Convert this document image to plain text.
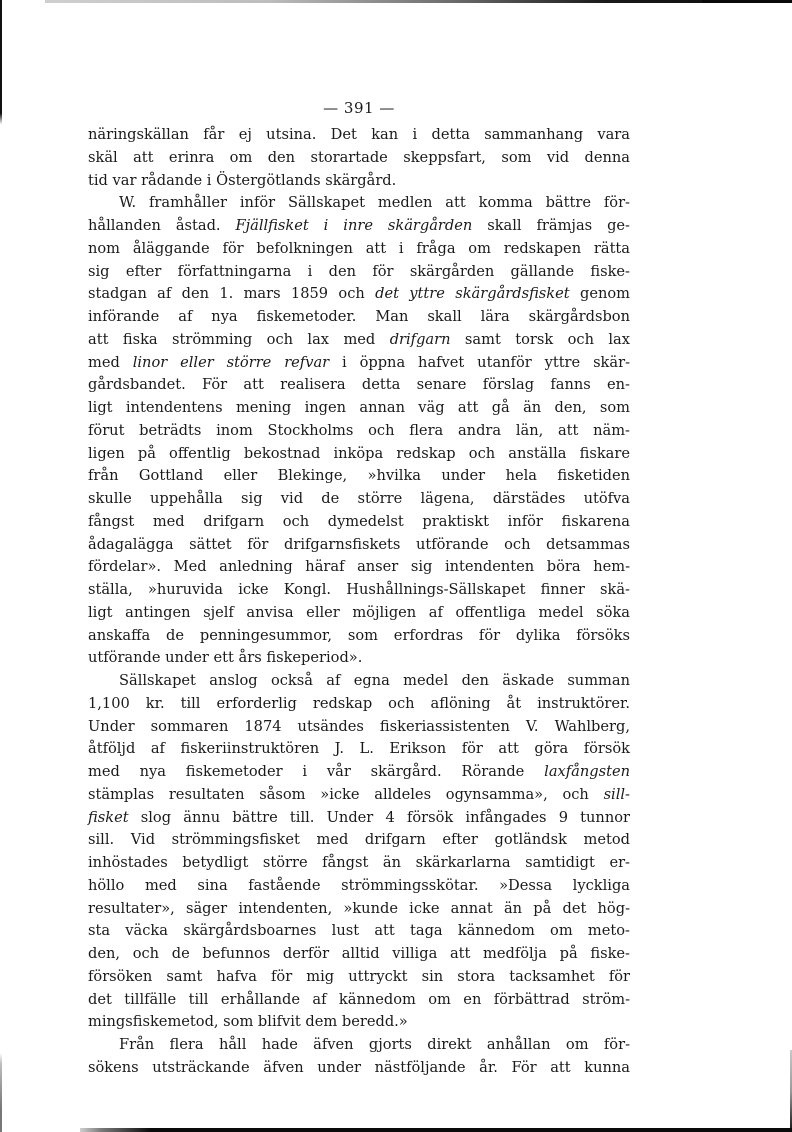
— 391 —
näringskällan får ej utsina. Det kan i detta sammanhang vara
skäl att erinra om den storartade skeppsfart, som vid denna
tid var rådande i Östergötlands skärgård.
W. framhåller inför Sällskapet medlen att komma bättre för-
hållanden åstad. Fjällfisket i inre skärgården skall främjas ge-
nom åläggande för befolkningen att i fråga om redskapen rätta
sig efter författningarna i den för skärgården gällande fiske-
stadgan af den 1. mars 1859 och det yttre skärgårdsfisket genom
införande af nya fiskemetoder. Man skall lära skärgårdsbon
att fiska strömming och lax med drifgarn samt torsk och lax
med linor eller större refvar i öppna hafvet utanför yttre skär-
gårdsbandet. För att realisera detta senare förslag fanns en-
ligt intendentens mening ingen annan väg att gå än den, som
förut beträdts inom Stockholms och flera andra län, att näm-
ligen på offentlig bekostnad inköpa redskap och anställa fiskare
från Gottland eller Blekinge, »hvilka under hela fisketiden
skulle uppehålla sig vid de större lägena, därstädes utöfva
fångst med drifgarn och dymedelst praktiskt inför fiskarena
ådagalägga sättet för drifgarnsfiskets utförande och detsammas
fördelar». Med anledning häraf anser sig intendenten böra hem-
ställa, »huruvida icke Kongl. Hushållnings-Sällskapet finner skä-
ligt antingen sjelf anvisa eller möjligen af offentliga medel söka
anskaffa de penningesummor, som erfordras för dylika försöks
utförande under ett års fiskeperiod».
Sällskapet anslog också af egna medel den äskade summan
1,100 kr. till erforderlig redskap och aflöning åt instruktörer.
Under sommaren 1874 utsändes fiskeriassistenten V. Wahlberg,
åtföljd af fiskeriinstruktören J. L. Erikson för att göra försök
med nya fiskemetoder i vår skärgård. Rörande laxfångsten
stämplas resultaten såsom »icke alldeles ogynsamma», och sill-
fisket slog ännu bättre till. Under 4 försök infångades 9 tunnor
sill. Vid strömmingsfisket med drifgarn efter gotländsk metod
inhöstades betydligt större fångst än skärkarlarna samtidigt er-
höllo med sina fastående strömmingsskötar. »Dessa lyckliga
resultater», säger intendenten, »kunde icke annat än på det hög-
sta väcka skärgårdsboarnes lust att taga kännedom om meto-
den, och de befunnos derför alltid villiga att medfölja på fiske-
försöken samt hafva för mig uttryckt sin stora tacksamhet för
det tillfälle till erhållande af kännedom om en förbättrad ström-
mingsfiskemetod, som blifvit dem beredd.»
Från flera håll hade äfven gjorts direkt anhållan om för-
sökens utsträckande äfven under nästföljande år. För att kunna
